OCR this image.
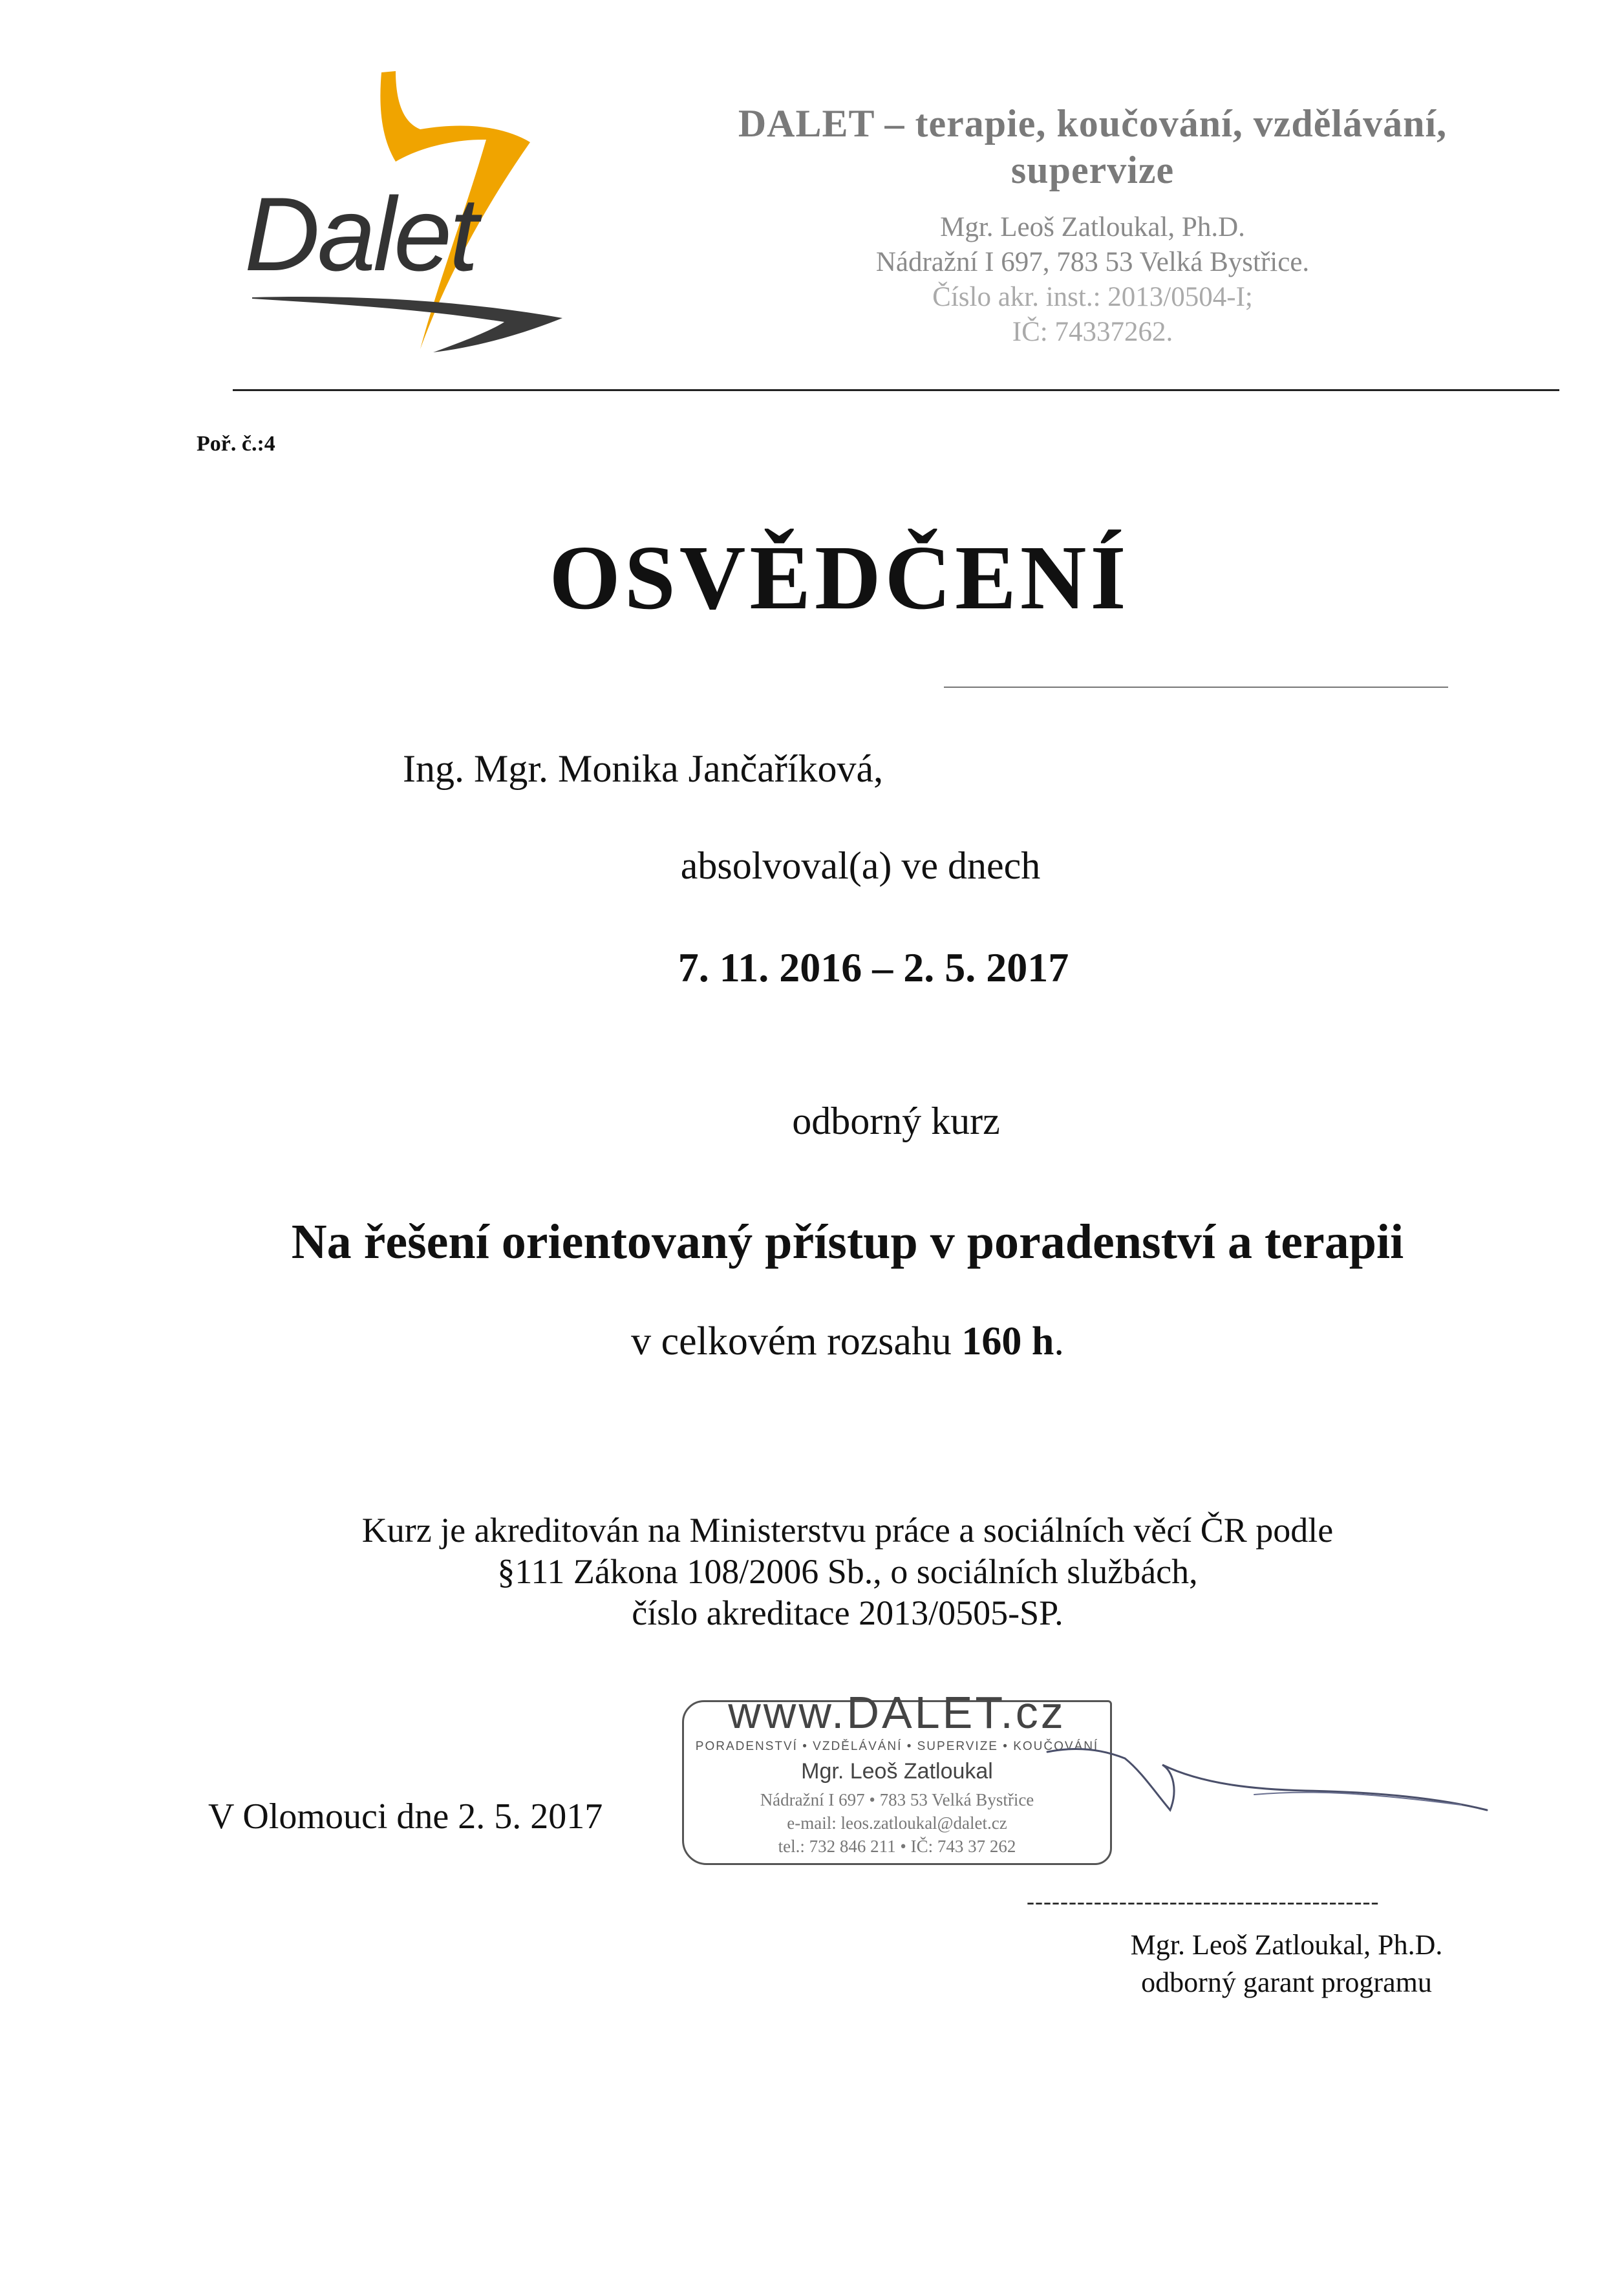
Dalet
DALET – terapie, koučování, vzdělávání,
supervize
Mgr. Leoš Zatloukal, Ph.D.
Nádražní I 697, 783 53 Velká Bystřice.
Číslo akr. inst.: 2013/0504-I;
IČ: 74337262.
Poř. č.:4
OSVĚDČENÍ
Ing. Mgr. Monika Jančaříková,
absolvoval(a) ve dnech
7. 11. 2016 – 2. 5. 2017
odborný kurz
Na řešení orientovaný přístup v poradenství a terapii
v celkovém rozsahu 160 h.
Kurz je akreditován na Ministerstvu práce a sociálních věcí ČR podle
§111 Zákona 108/2006 Sb., o sociálních službách,
číslo akreditace 2013/0505-SP.
V Olomouci dne 2. 5. 2017
www.DALET.cz
PORADENSTVÍ • VZDĚLÁVÁNÍ • SUPERVIZE • KOUČOVÁNÍ
Mgr. Leoš Zatloukal
Nádražní I 697 • 783 53 Velká Bystřice
e-mail: leos.zatloukal@dalet.cz
tel.: 732 846 211 • IČ: 743 37 262
------------------------------------------
Mgr. Leoš Zatloukal, Ph.D.
odborný garant programu
